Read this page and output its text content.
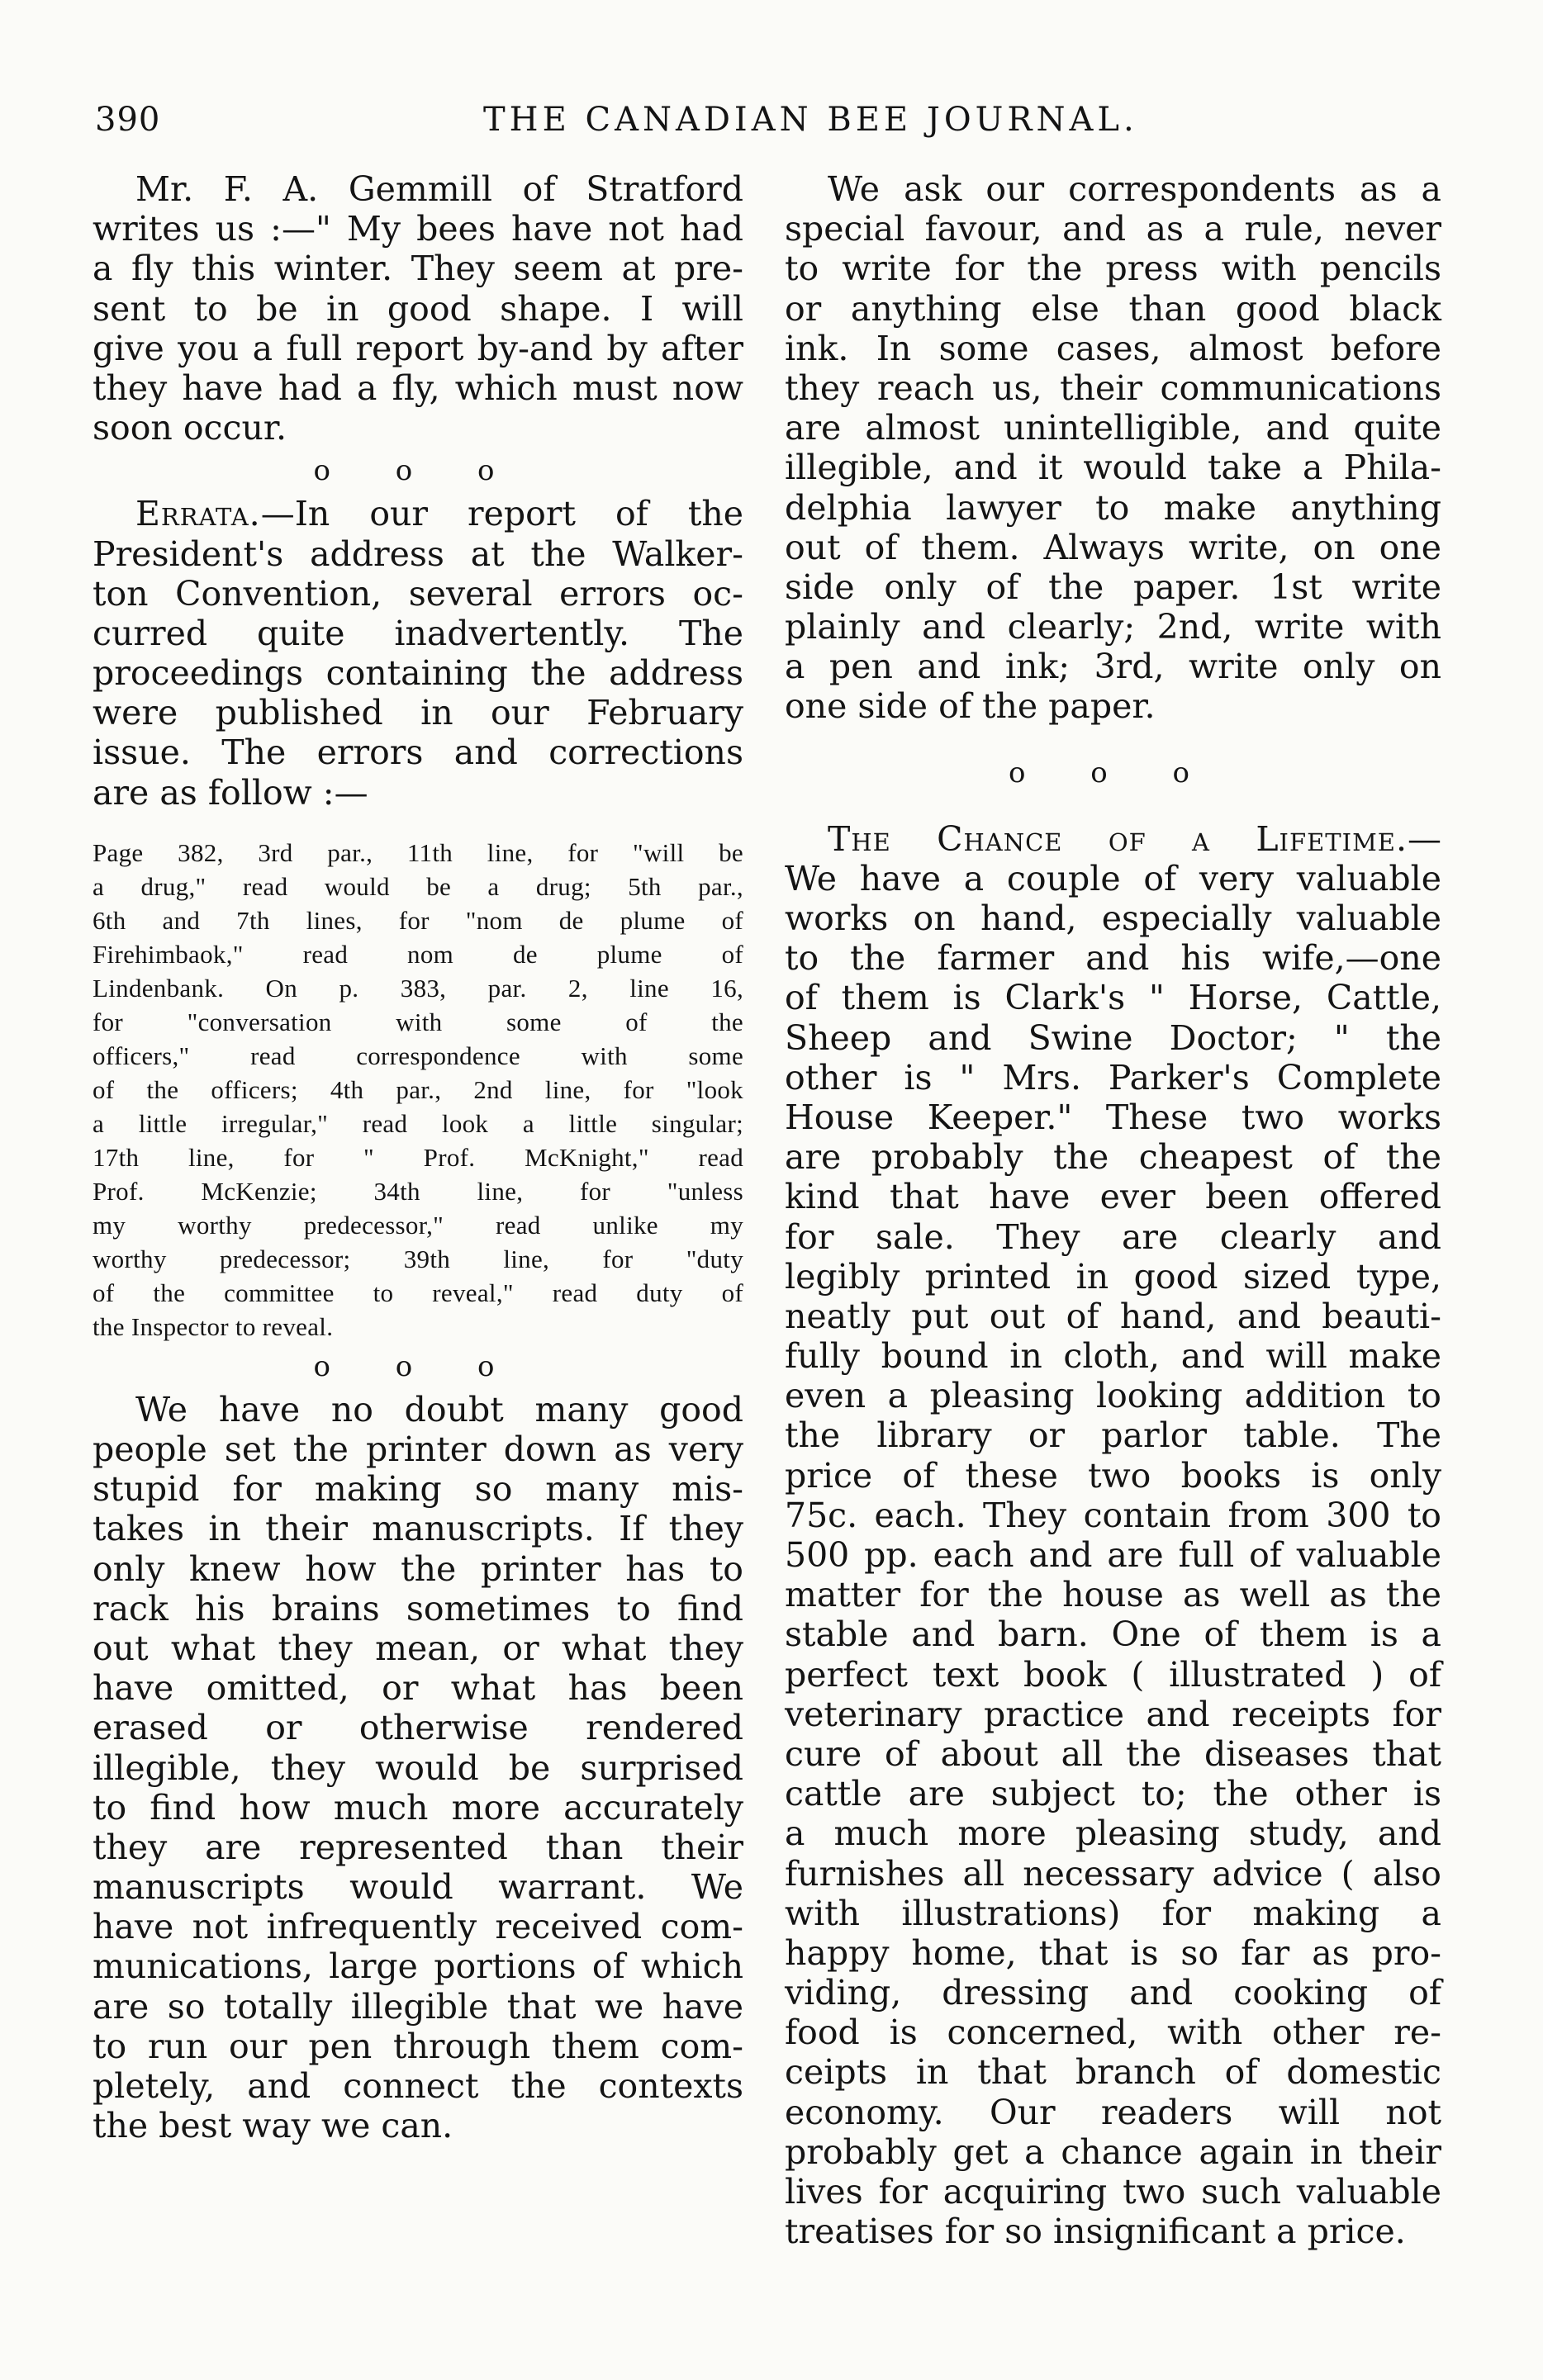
390	THE CANADIAN BEE JOURNAL.
Mr. F. A. Gemmill of Stratford
writes us :—" My bees have not had
a fly this winter. They seem at pre-
sent to be in good shape. I will
give you a full report by-and by after
they have had a fly, which must now
soon occur.
o o o
Errata.—In our report of the
President's address at the Walker-
ton Convention, several errors oc-
curred quite inadvertently. The
proceedings containing the address
were published in our February
issue. The errors and corrections
are as follow :—
Page 382, 3rd par., 11th line, for "will be
a drug," read would be a drug; 5th par.,
6th and 7th lines, for "nom de plume of
Firehimbaok," read nom de plume of
Lindenbank. On p. 383, par. 2, line 16,
for "conversation with some of the
officers," read correspondence with some
of the officers; 4th par., 2nd line, for "look
a little irregular," read look a little singular;
17th line, for " Prof. McKnight," read
Prof. McKenzie; 34th line, for "unless
my worthy predecessor," read unlike my
worthy predecessor; 39th line, for "duty
of the committee to reveal," read duty of
the Inspector to reveal.
o o o
We have no doubt many good
people set the printer down as very
stupid for making so many mis-
takes in their manuscripts. If they
only knew how the printer has to
rack his brains sometimes to find
out what they mean, or what they
have omitted, or what has been
erased or otherwise rendered
illegible, they would be surprised
to find how much more accurately
they are represented than their
manuscripts would warrant. We
have not infrequently received com-
munications, large portions of which
are so totally illegible that we have
to run our pen through them com-
pletely, and connect the contexts
the best way we can.
We ask our correspondents as a
special favour, and as a rule, never
to write for the press with pencils
or anything else than good black
ink. In some cases, almost before
they reach us, their communications
are almost unintelligible, and quite
illegible, and it would take a Phila-
delphia lawyer to make anything
out of them. Always write, on one
side only of the paper. 1st write
plainly and clearly; 2nd, write with
a pen and ink; 3rd, write only on
one side of the paper.
o o o
The Chance of a Lifetime.—
We have a couple of very valuable
works on hand, especially valuable
to the farmer and his wife,—one
of them is Clark's " Horse, Cattle,
Sheep and Swine Doctor; " the
other is " Mrs. Parker's Complete
House Keeper." These two works
are probably the cheapest of the
kind that have ever been offered
for sale. They are clearly and
legibly printed in good sized type,
neatly put out of hand, and beauti-
fully bound in cloth, and will make
even a pleasing looking addition to
the library or parlor table. The
price of these two books is only
75c. each. They contain from 300 to
500 pp. each and are full of valuable
matter for the house as well as the
stable and barn. One of them is a
perfect text book ( illustrated ) of
veterinary practice and receipts for
cure of about all the diseases that
cattle are subject to; the other is
a much more pleasing study, and
furnishes all necessary advice ( also
with illustrations) for making a
happy home, that is so far as pro-
viding, dressing and cooking of
food is concerned, with other re-
ceipts in that branch of domestic
economy. Our readers will not
probably get a chance again in their
lives for acquiring two such valuable
treatises for so insignificant a price.
